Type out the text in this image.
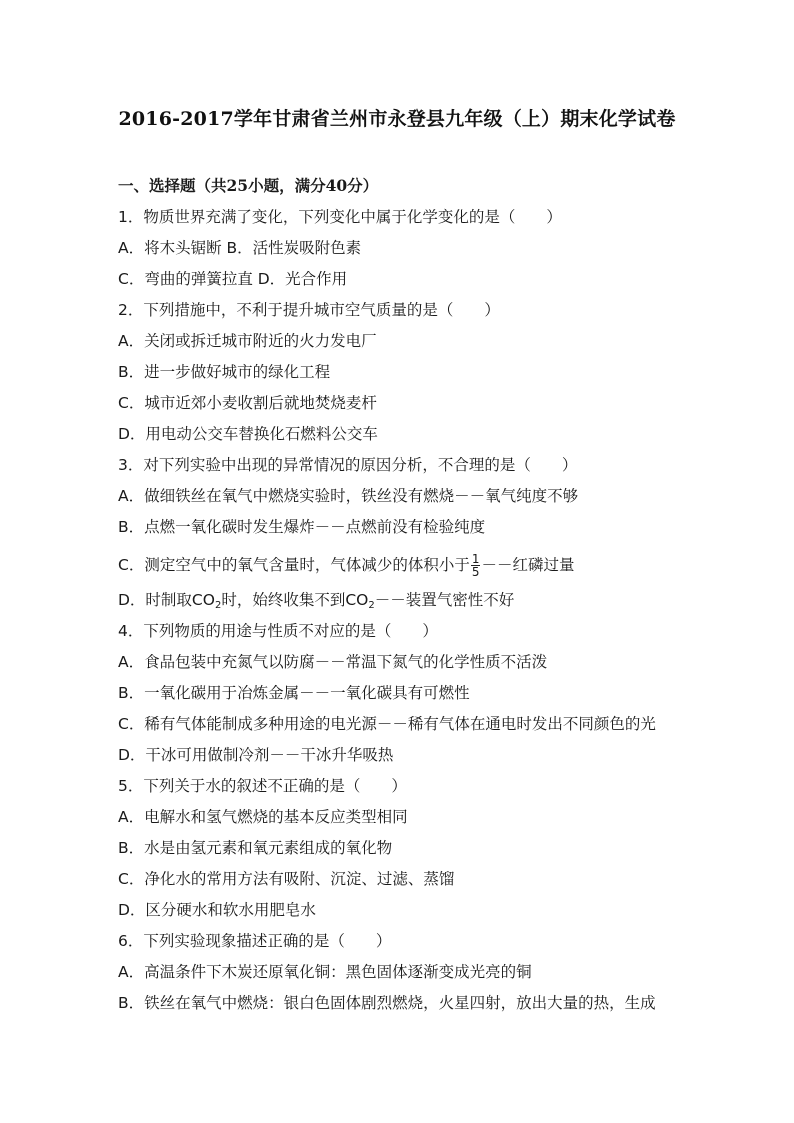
2016-2017学年甘肃省兰州市永登县九年级（上）期末化学试卷
一、选择题（共25小题，满分40分）
1．物质世界充满了变化，下列变化中属于化学变化的是（　　）
A．将木头锯断 B．活性炭吸附色素
C．弯曲的弹簧拉直 D．光合作用
2．下列措施中，不利于提升城市空气质量的是（　　）
A．关闭或拆迁城市附近的火力发电厂
B．进一步做好城市的绿化工程
C．城市近郊小麦收割后就地焚烧麦杆
D．用电动公交车替换化石燃料公交车
3．对下列实验中出现的异常情况的原因分析，不合理的是（　　）
A．做细铁丝在氧气中燃烧实验时，铁丝没有燃烧－－氧气纯度不够
B．点燃一氧化碳时发生爆炸－－点燃前没有检验纯度
C．测定空气中的氧气含量时，气体减少的体积小于 $\frac{1}{5}$ －－红磷过量
D．时制取$CO_2$时，始终收集不到$CO_2--$装置气密性不好
4．下列物质的用途与性质不对应的是（　　）
A．食品包装中充氮气以防腐－－常温下氮气的化学性质不活泼
B．一氧化碳用于冶炼金属－－一氧化碳具有可燃性
C．稀有气体能制成多种用途的电光源－－稀有气体在通电时发出不同颜色的光
D．干冰可用做制冷剂－－干冰升华吸热
5．下列关于水的叙述不正确的是（　　）
A．电解水和氢气燃烧的基本反应类型相同
B．水是由氢元素和氧元素组成的氧化物
C．净化水的常用方法有吸附、沉淀、过滤、蒸馏
D．区分硬水和软水用肥皂水
6．下列实验现象描述正确的是（　　）
A．高温条件下木炭还原氧化铜：黑色固体逐渐变成光亮的铜
B．铁丝在氧气中燃烧：银白色固体剧烈燃烧，火星四射，放出大量的热，生成
